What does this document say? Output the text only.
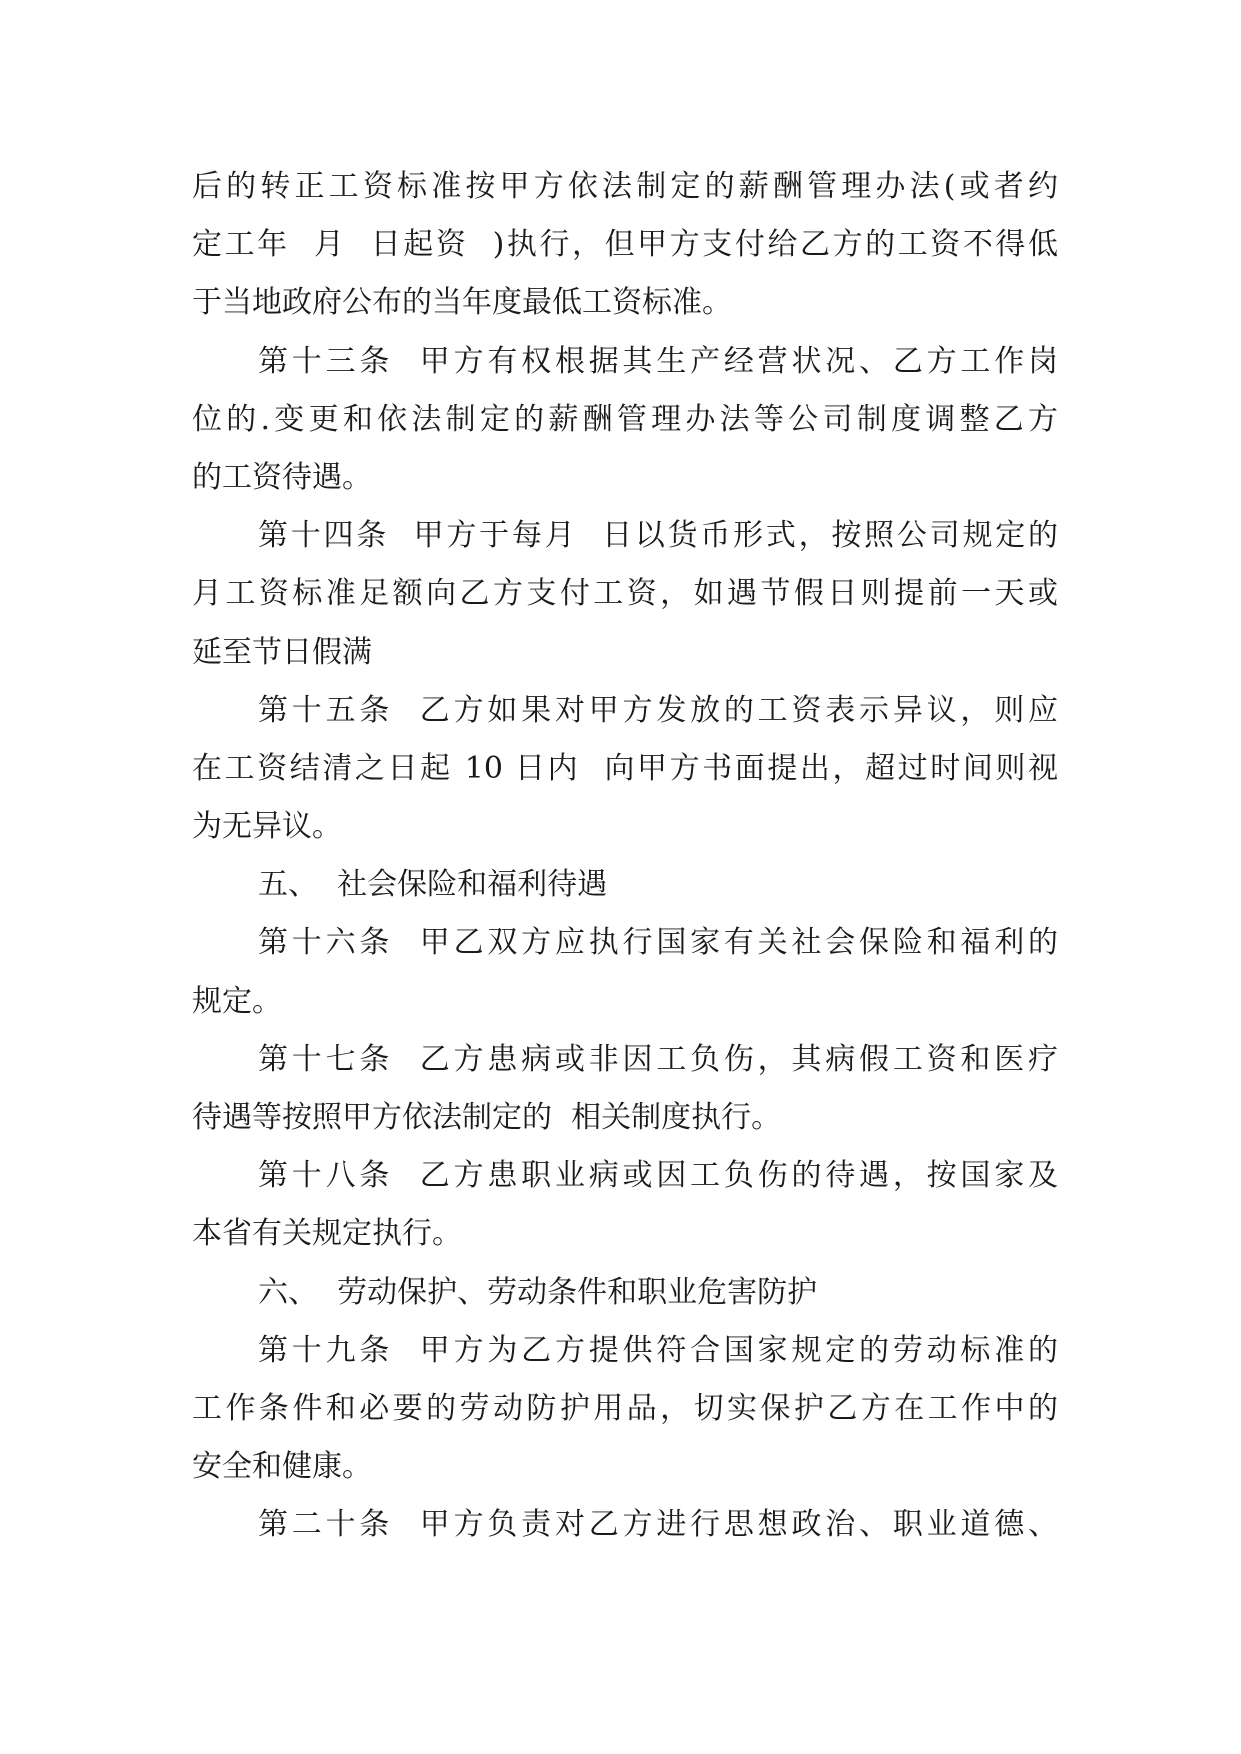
后的转正工资标准按甲方依法制定的薪酬管理办法(或者约
定工年  月  日起资  )执行，但甲方支付给乙方的工资不得低
于当地政府公布的当年度最低工资标准。
第十三条  甲方有权根据其生产经营状况、乙方工作岗
位的.变更和依法制定的薪酬管理办法等公司制度调整乙方
的工资待遇。
第十四条  甲方于每月  日以货币形式，按照公司规定的
月工资标准足额向乙方支付工资，如遇节假日则提前一天或
延至节日假满
第十五条  乙方如果对甲方发放的工资表示异议，则应
在工资结清之日起 10 日内  向甲方书面提出，超过时间则视
为无异议。
五、  社会保险和福利待遇
第十六条  甲乙双方应执行国家有关社会保险和福利的
规定。
第十七条  乙方患病或非因工负伤，其病假工资和医疗
待遇等按照甲方依法制定的  相关制度执行。
第十八条  乙方患职业病或因工负伤的待遇，按国家及
本省有关规定执行。
六、  劳动保护、劳动条件和职业危害防护
第十九条  甲方为乙方提供符合国家规定的劳动标准的
工作条件和必要的劳动防护用品，切实保护乙方在工作中的
安全和健康。
第二十条  甲方负责对乙方进行思想政治、职业道德、
